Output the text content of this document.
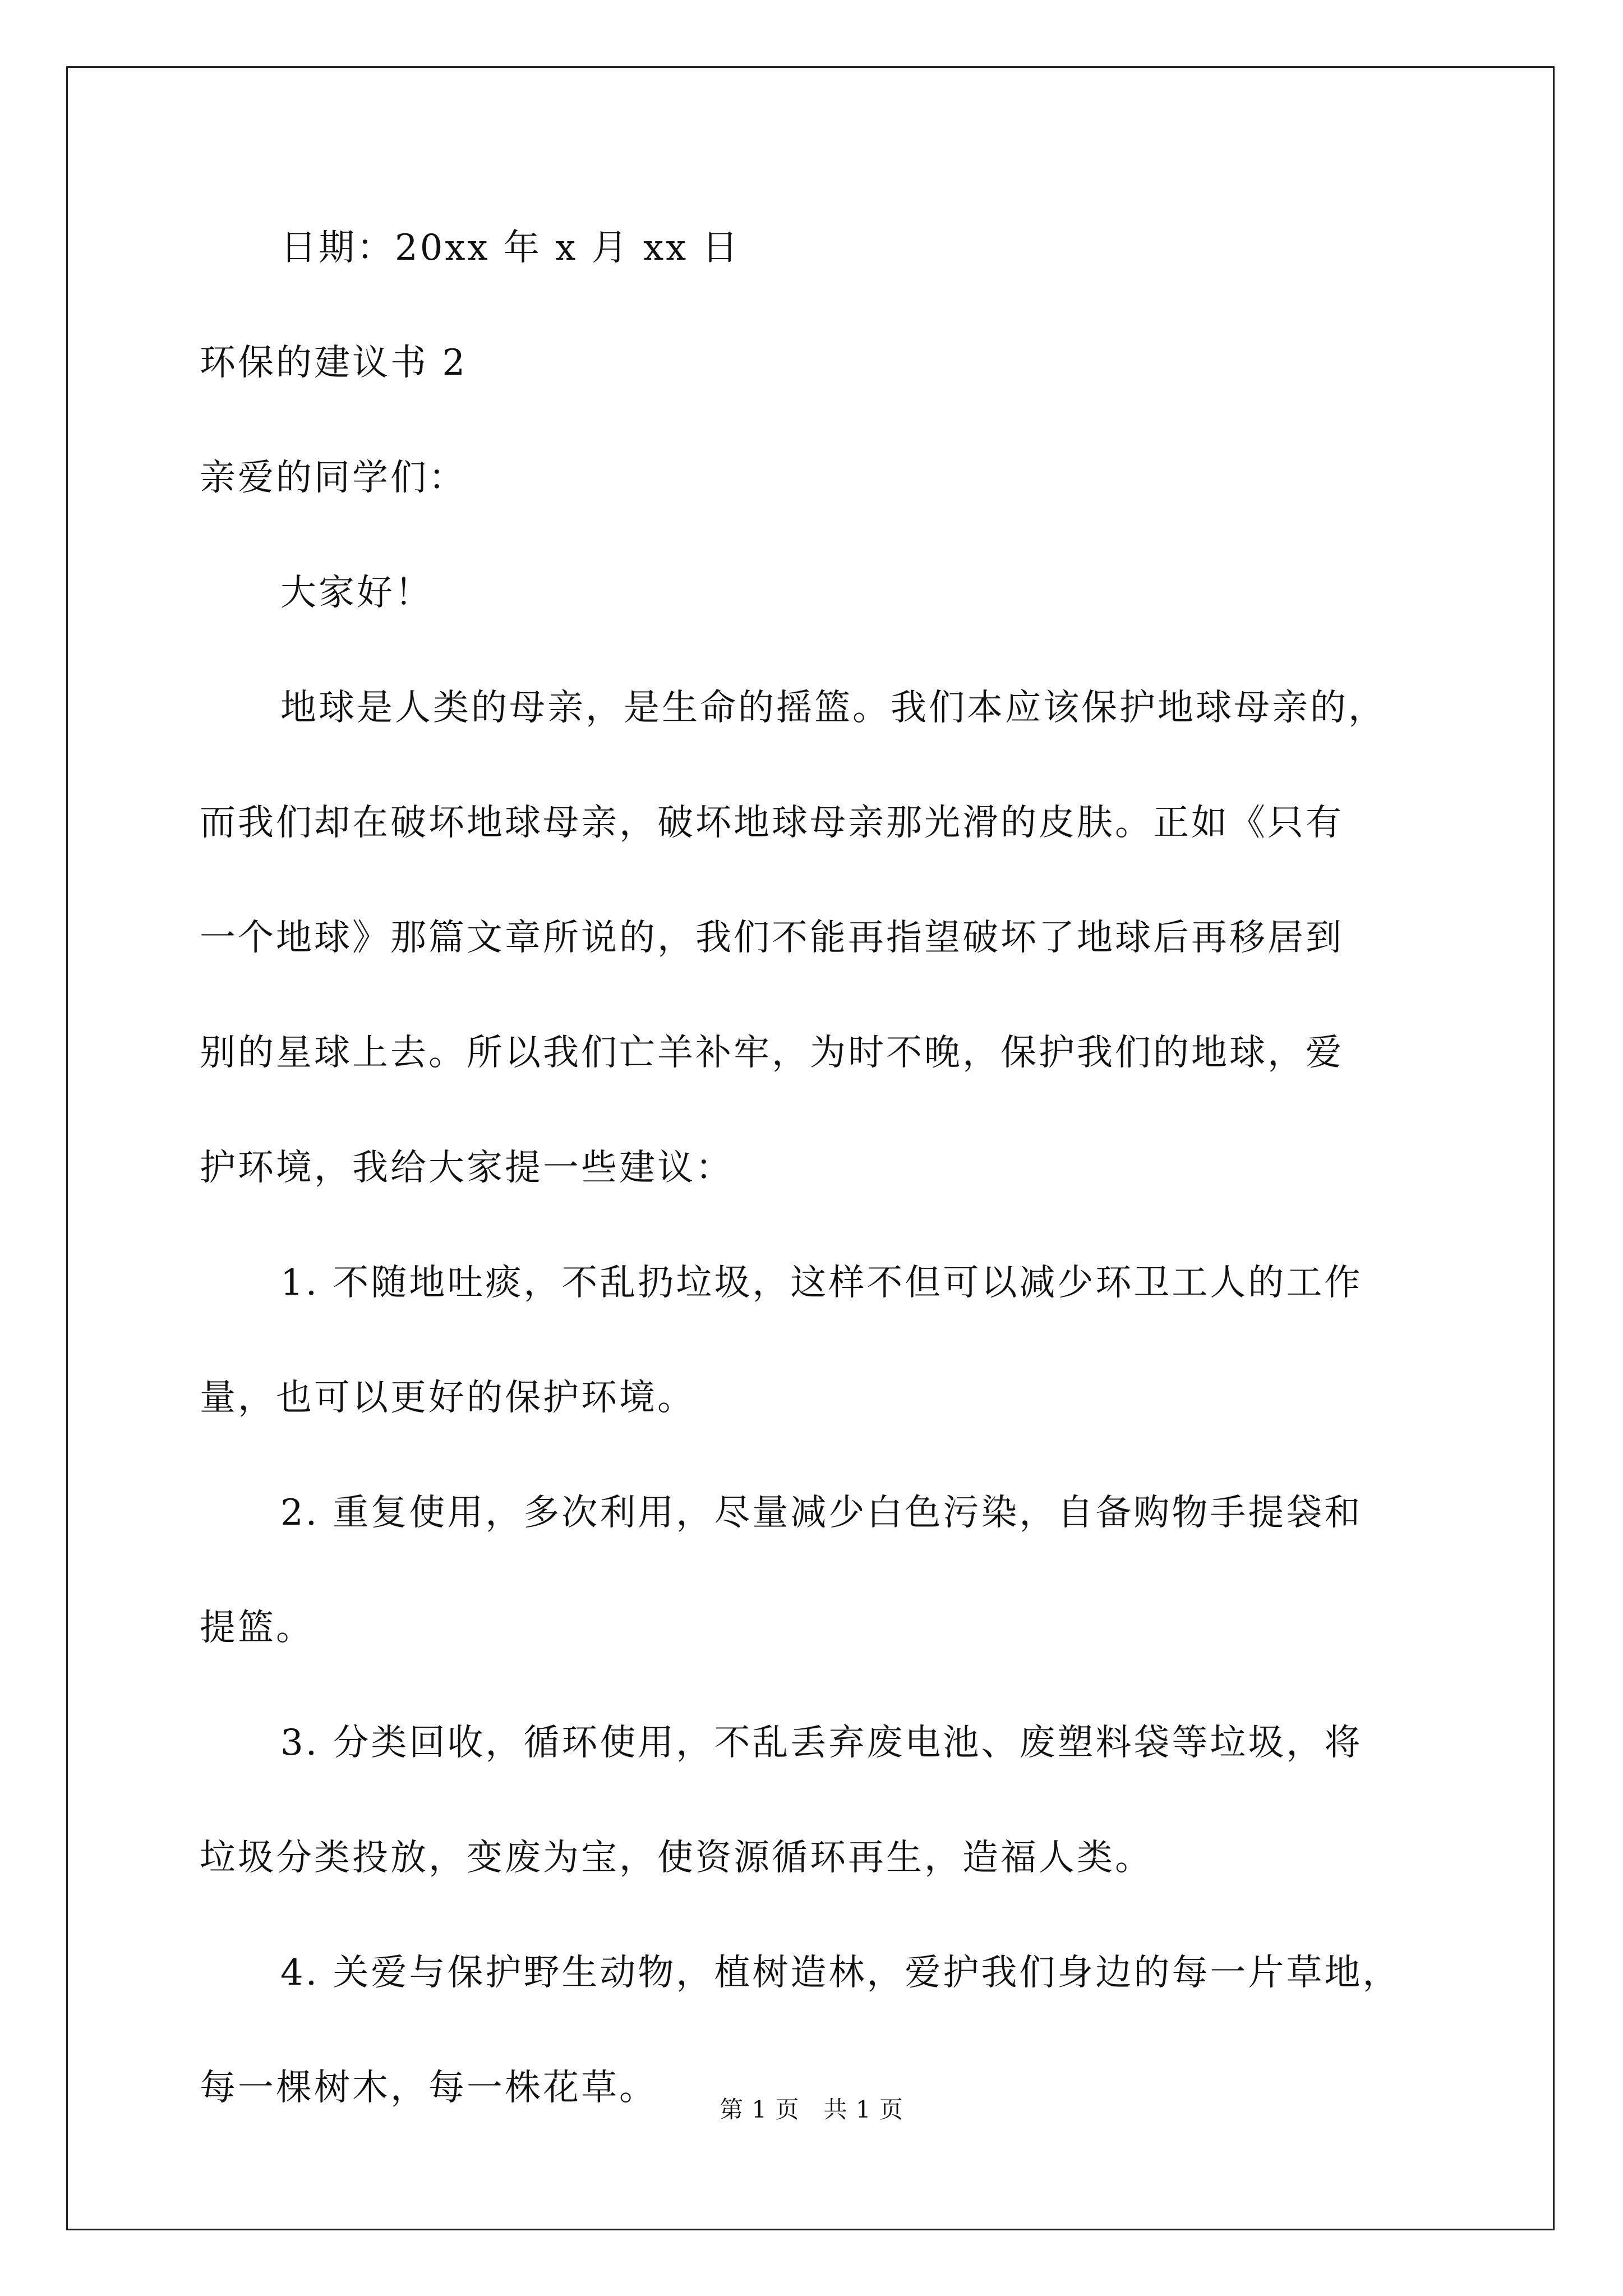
日期：20xx 年 x 月 xx 日
环保的建议书 2
亲爱的同学们：
大家好！
地球是人类的母亲，是生命的摇篮。我们本应该保护地球母亲的，
而我们却在破坏地球母亲，破坏地球母亲那光滑的皮肤。正如《只有
一个地球》那篇文章所说的，我们不能再指望破坏了地球后再移居到
别的星球上去。所以我们亡羊补牢，为时不晚，保护我们的地球，爱
护环境，我给大家提一些建议：
1. 不随地吐痰，不乱扔垃圾，这样不但可以减少环卫工人的工作
量，也可以更好的保护环境。
2. 重复使用，多次利用，尽量减少白色污染，自备购物手提袋和
提篮。
3. 分类回收，循环使用，不乱丢弃废电池、废塑料袋等垃圾，将
垃圾分类投放，变废为宝，使资源循环再生，造福人类。
4. 关爱与保护野生动物，植树造林，爱护我们身边的每一片草地，
每一棵树木，每一株花草。
第 1 页　共 1 页
